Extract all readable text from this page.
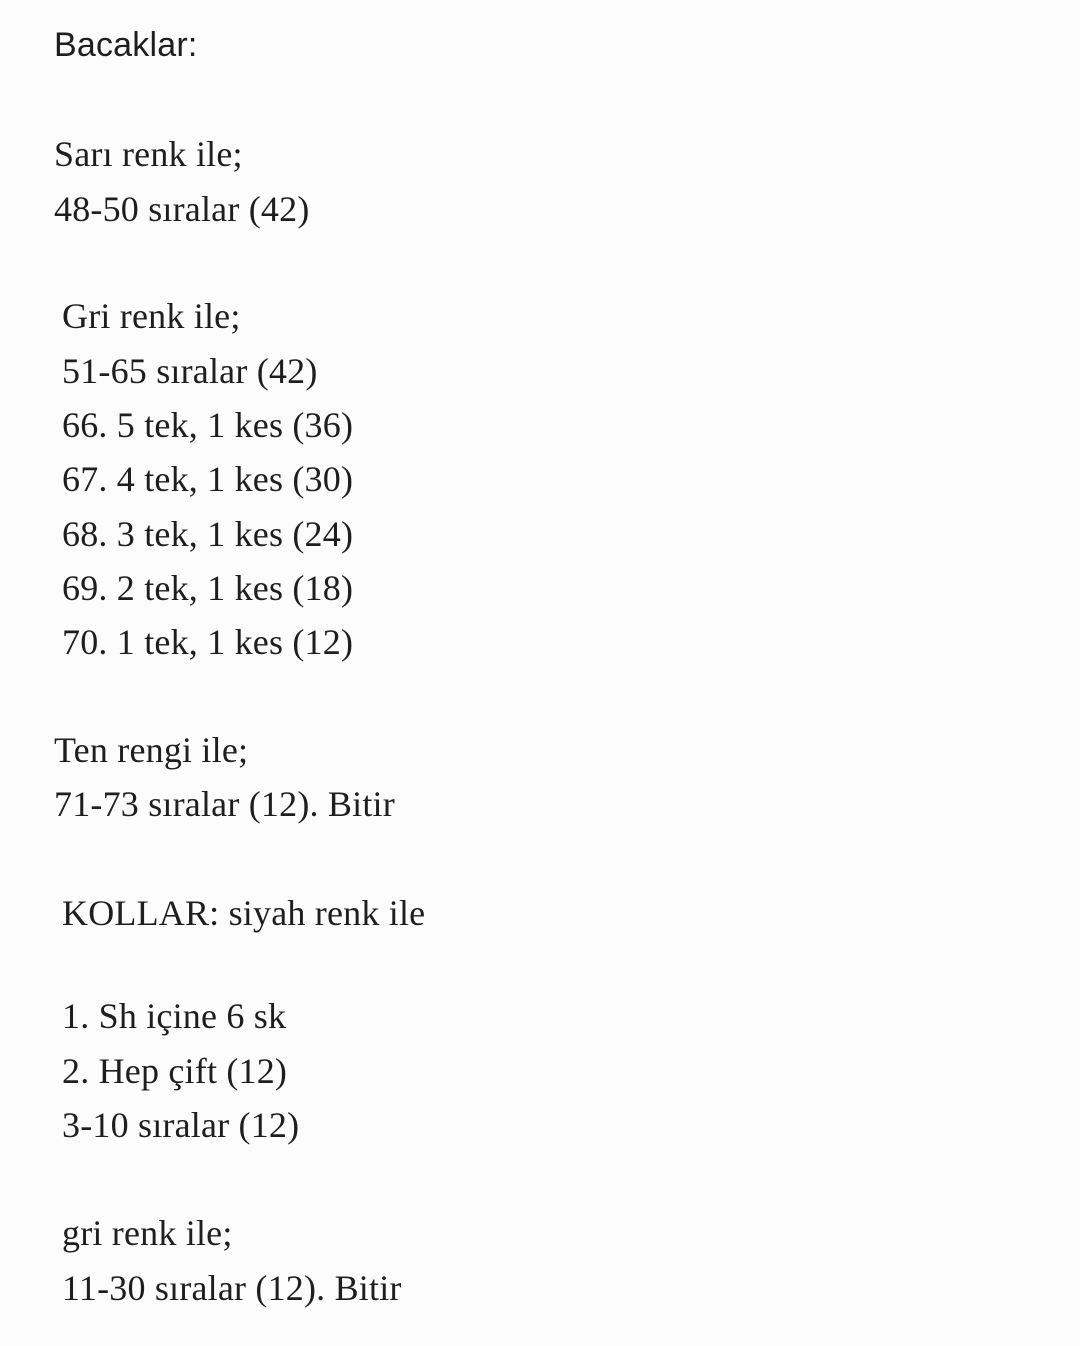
Bacaklar:
Sarı renk ile;
48-50 sıralar (42)
Gri renk ile;
51-65 sıralar (42)
66. 5 tek, 1 kes (36)
67. 4 tek, 1 kes (30)
68. 3 tek, 1 kes (24)
69. 2 tek, 1 kes (18)
70. 1 tek, 1 kes (12)
Ten rengi ile;
71-73 sıralar (12). Bitir
KOLLAR: siyah renk ile
1. Sh içine 6 sk
2. Hep çift (12)
3-10 sıralar (12)
gri renk ile;
11-30 sıralar (12). Bitir
